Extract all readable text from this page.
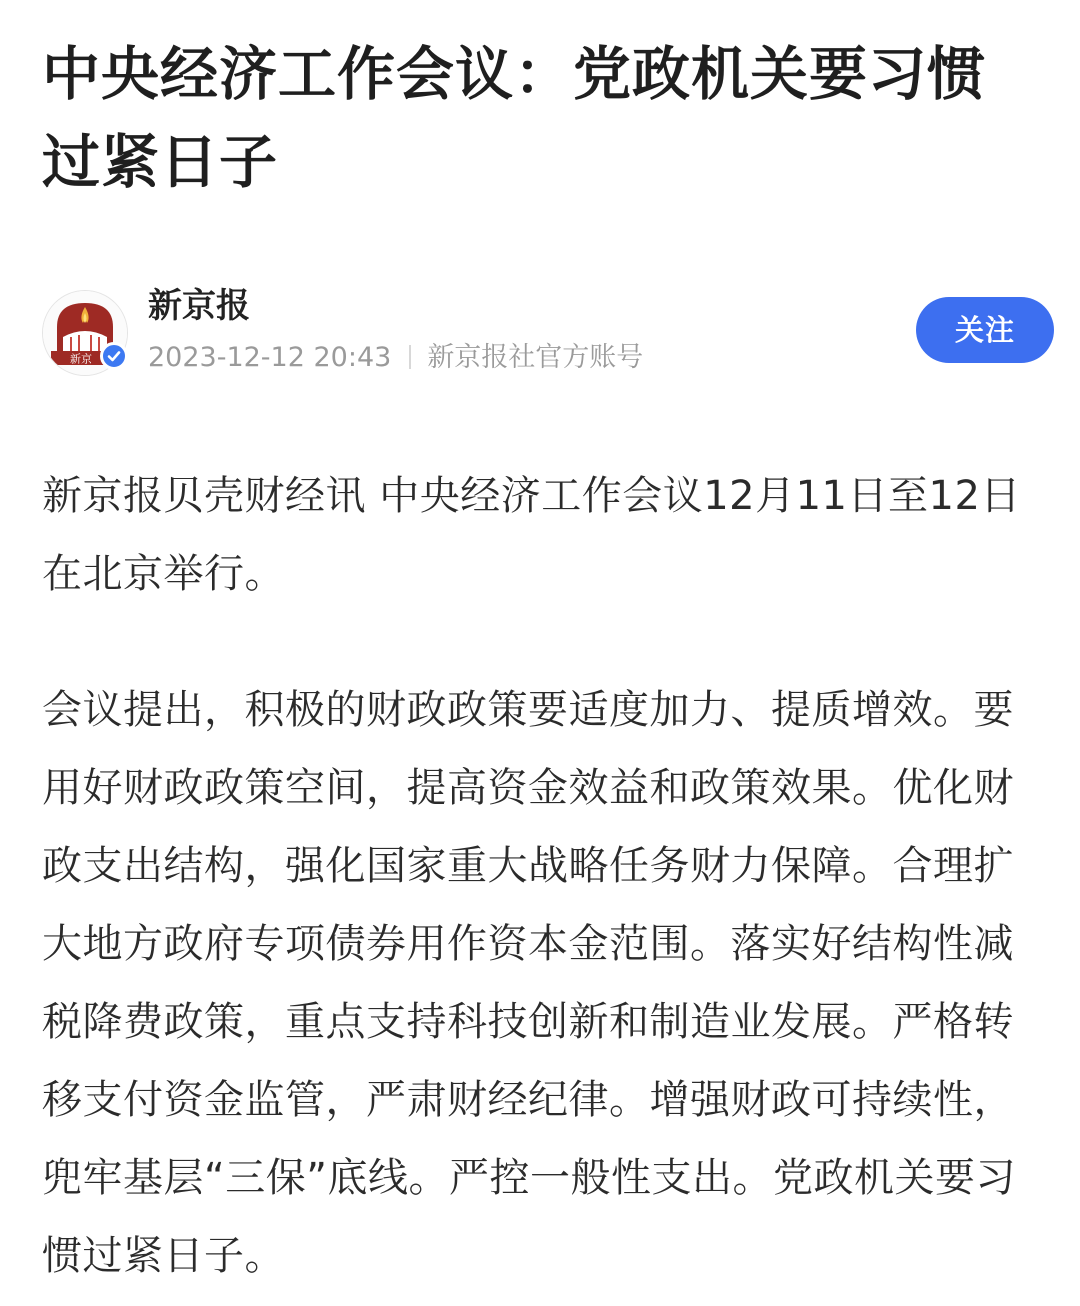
中央经济工作会议：党政机关要习惯过紧日子
新京
新京报
2023-12-12 20:43 新京报社官方账号
关注

新京报贝壳财经讯 中央经济工作会议12月11日至12日在北京举行。

会议提出，积极的财政政策要适度加力、提质增效。要用好财政政策空间，提高资金效益和政策效果。优化财政支出结构，强化国家重大战略任务财力保障。合理扩大地方政府专项债券用作资本金范围。落实好结构性减税降费政策，重点支持科技创新和制造业发展。严格转移支付资金监管，严肃财经纪律。增强财政可持续性，兜牢基层“三保”底线。严控一般性支出。党政机关要习惯过紧日子。
